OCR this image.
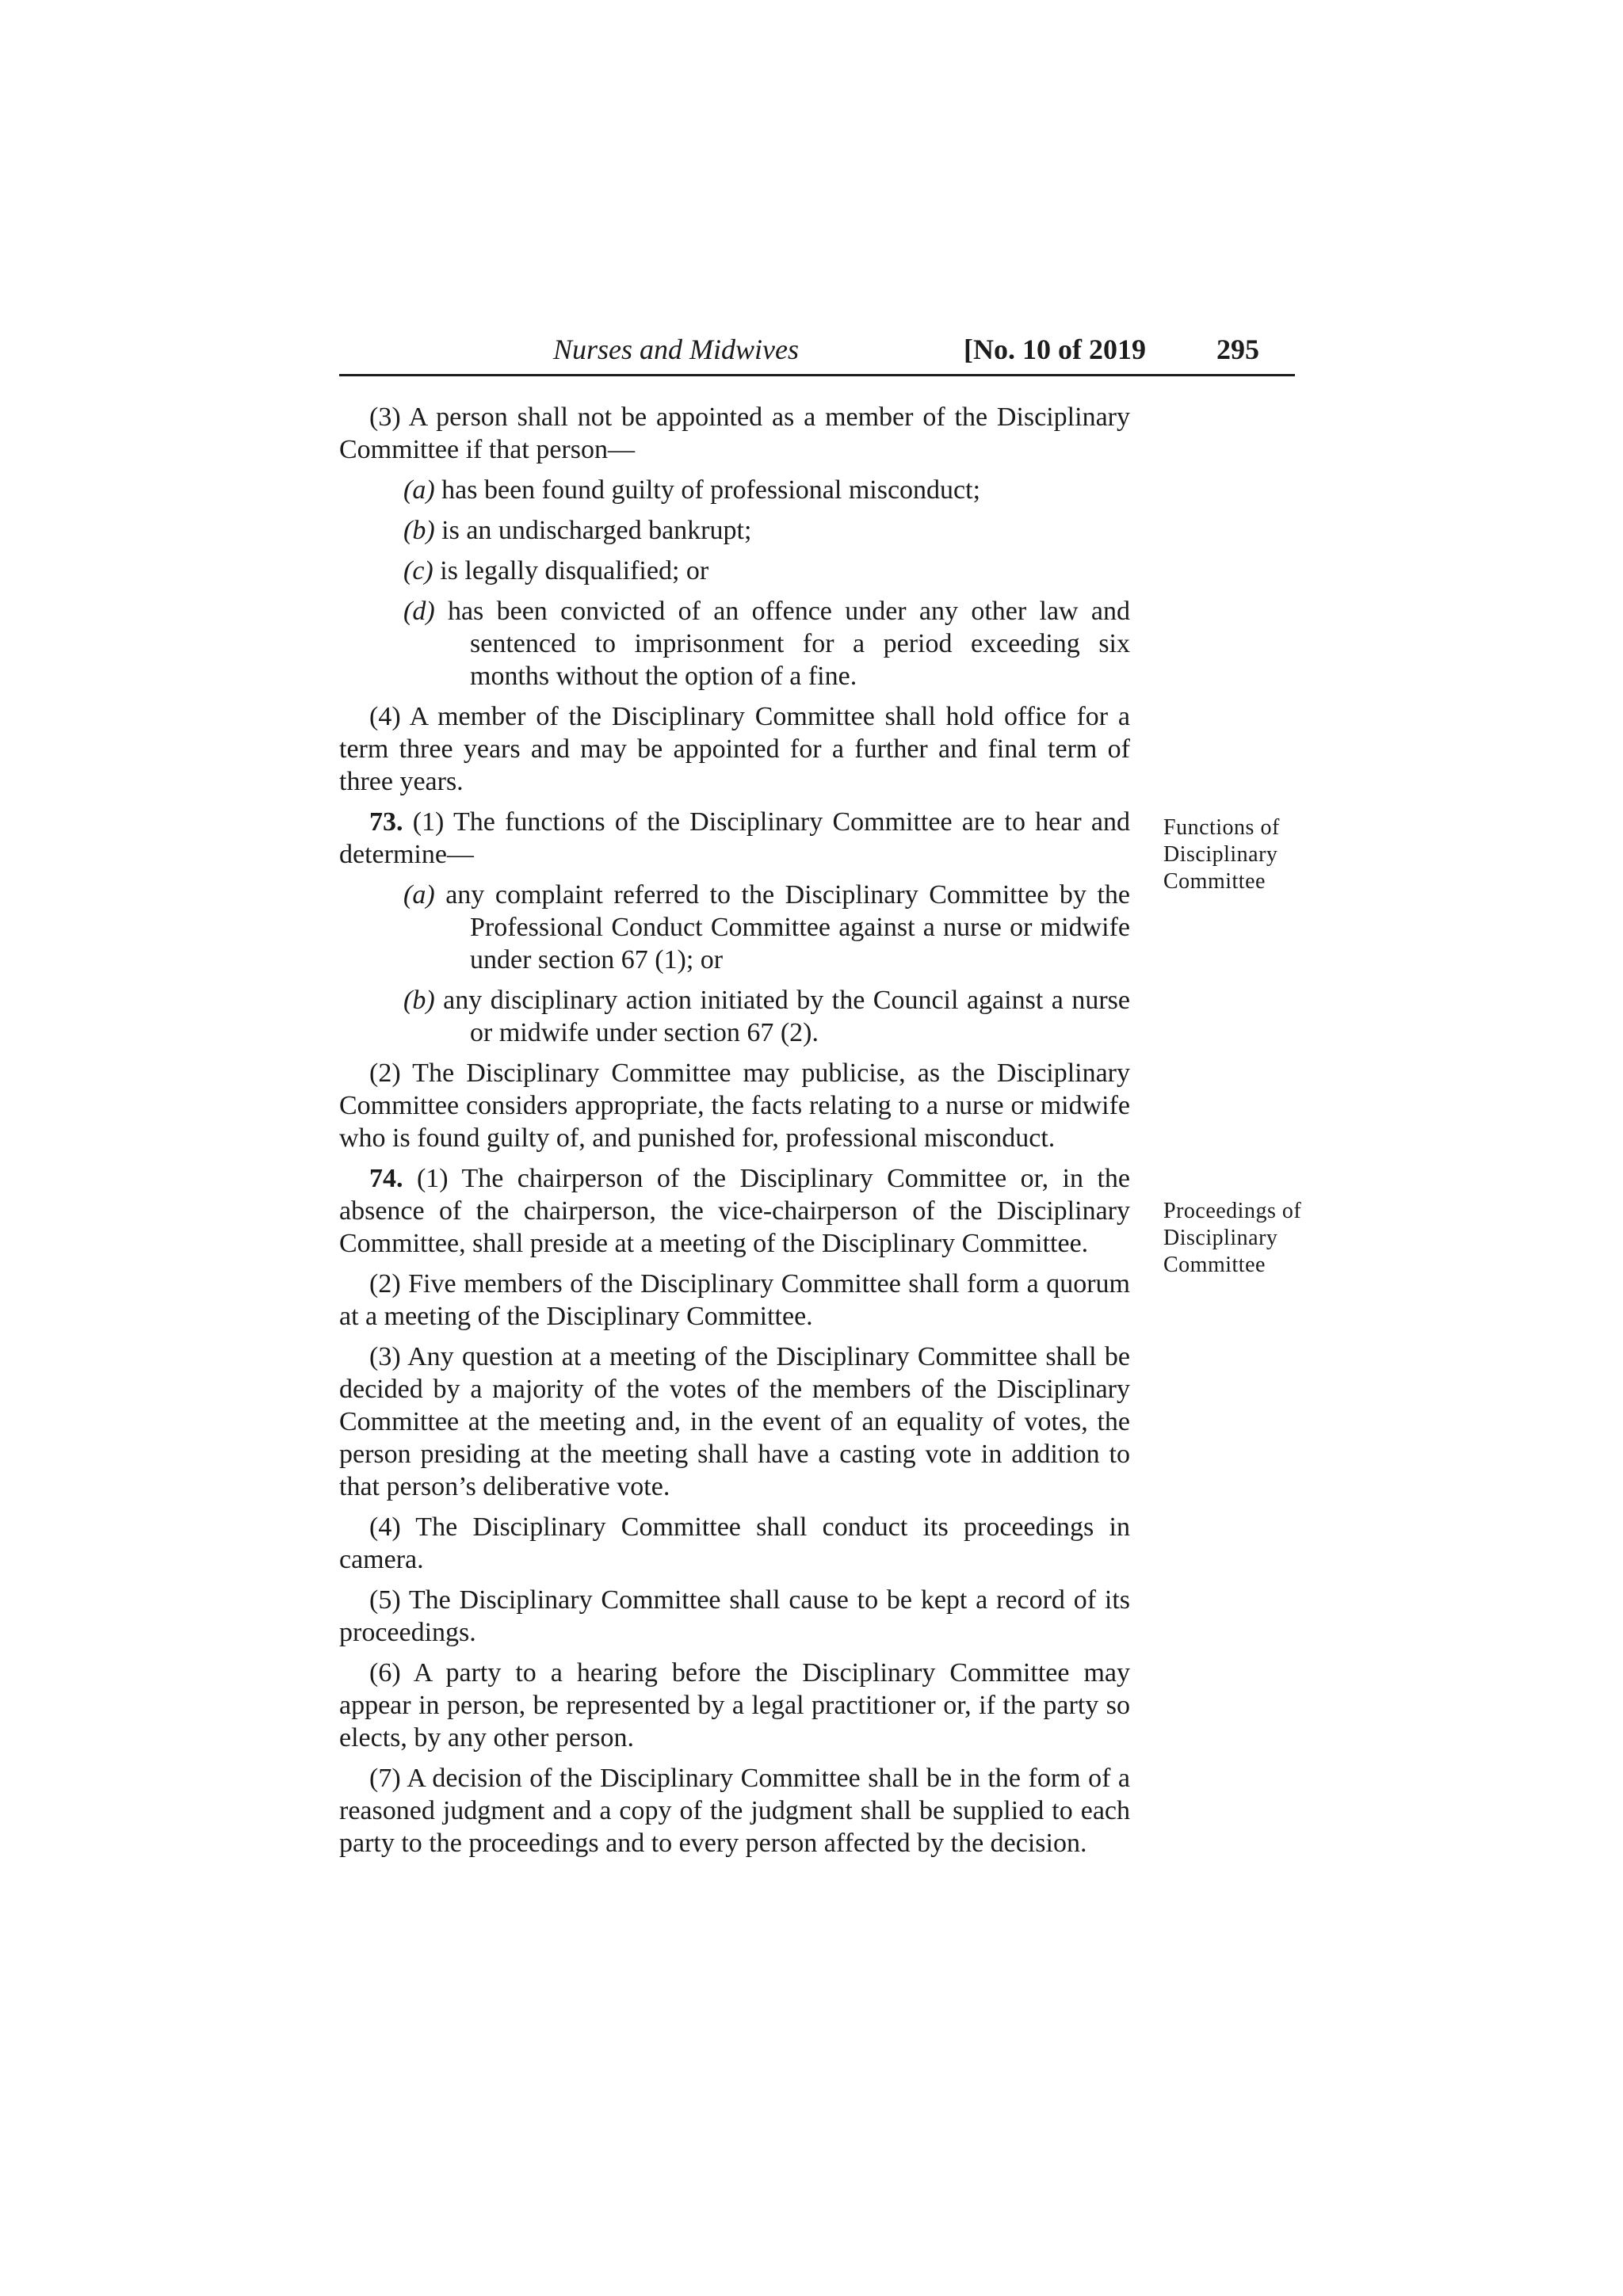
Nurses and Midwives	[No. 10 of 2019 295

(3) A person shall not be appointed as a member of the Disciplinary Committee if that person—

(a) has been found guilty of professional misconduct;

(b) is an undischarged bankrupt;

(c) is legally disqualified; or

(d) has been convicted of an offence under any other law and sentenced to imprisonment for a period exceeding six months without the option of a fine.

(4) A member of the Disciplinary Committee shall hold office for a term three years and may be appointed for a further and final term of three years.

73. (1) The functions of the Disciplinary Committee are to hear and determine—

(a) any complaint referred to the Disciplinary Committee by the Professional Conduct Committee against a nurse or midwife under section 67 (1); or

(b) any disciplinary action initiated by the Council against a nurse or midwife under section 67 (2).

(2) The Disciplinary Committee may publicise, as the Disciplinary Committee considers appropriate, the facts relating to a nurse or midwife who is found guilty of, and punished for, professional misconduct.

74. (1) The chairperson of the Disciplinary Committee or, in the absence of the chairperson, the vice-chairperson of the Disciplinary Committee, shall preside at a meeting of the Disciplinary Committee.

(2) Five members of the Disciplinary Committee shall form a quorum at a meeting of the Disciplinary Committee.

(3) Any question at a meeting of the Disciplinary Committee shall be decided by a majority of the votes of the members of the Disciplinary Committee at the meeting and, in the event of an equality of votes, the person presiding at the meeting shall have a casting vote in addition to that person’s deliberative vote.

(4) The Disciplinary Committee shall conduct its proceedings in camera.

(5) The Disciplinary Committee shall cause to be kept a record of its proceedings.

(6) A party to a hearing before the Disciplinary Committee may appear in person, be represented by a legal practitioner or, if the party so elects, by any other person.

(7) A decision of the Disciplinary Committee shall be in the form of a reasoned judgment and a copy of the judgment shall be supplied to each party to the proceedings and to every person affected by the decision.

Functions of Disciplinary Committee
Proceedings of Disciplinary Committee
